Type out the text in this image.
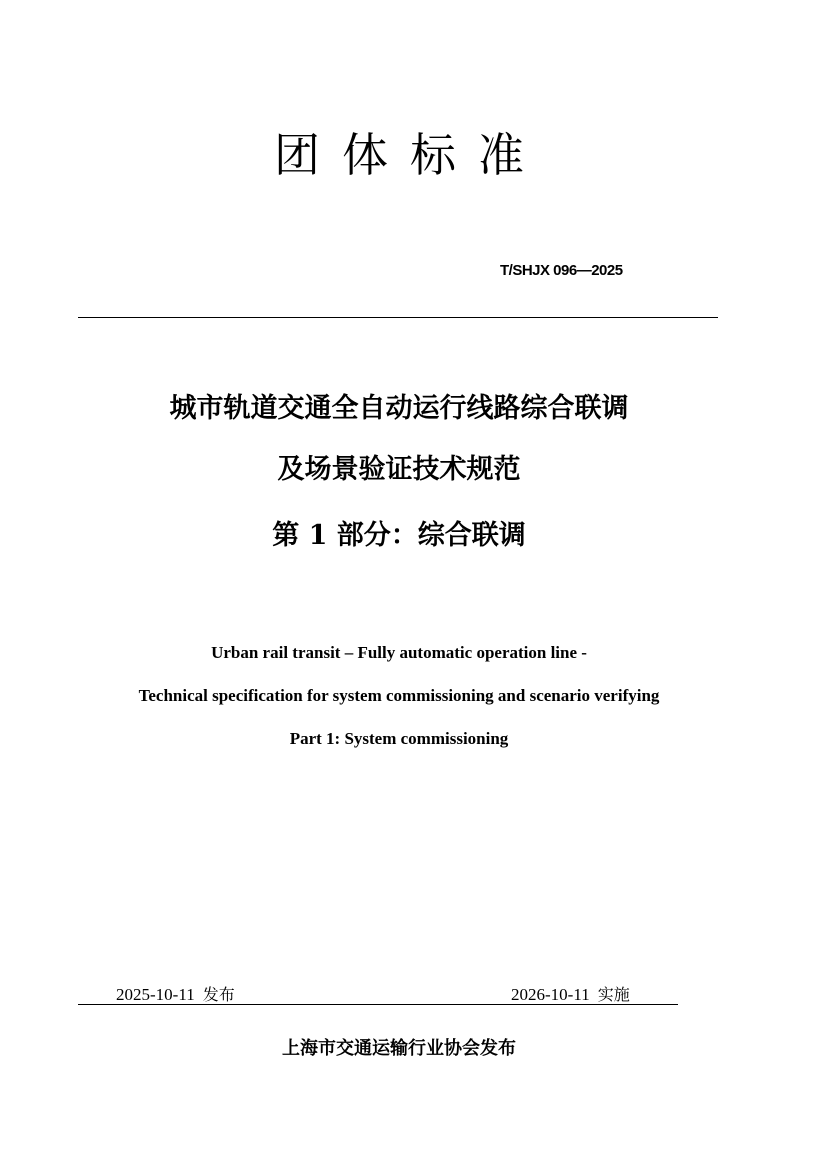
团体标准
T/SHJX 096—2025
城市轨道交通全自动运行线路综合联调
及场景验证技术规范
第 1 部分：综合联调
Urban rail transit – Fully automatic operation line -
Technical specification for system commissioning and scenario verifying
Part 1: System commissioning
2025-10-11 发布	2026-10-11 实施
上海市交通运输行业协会发布
